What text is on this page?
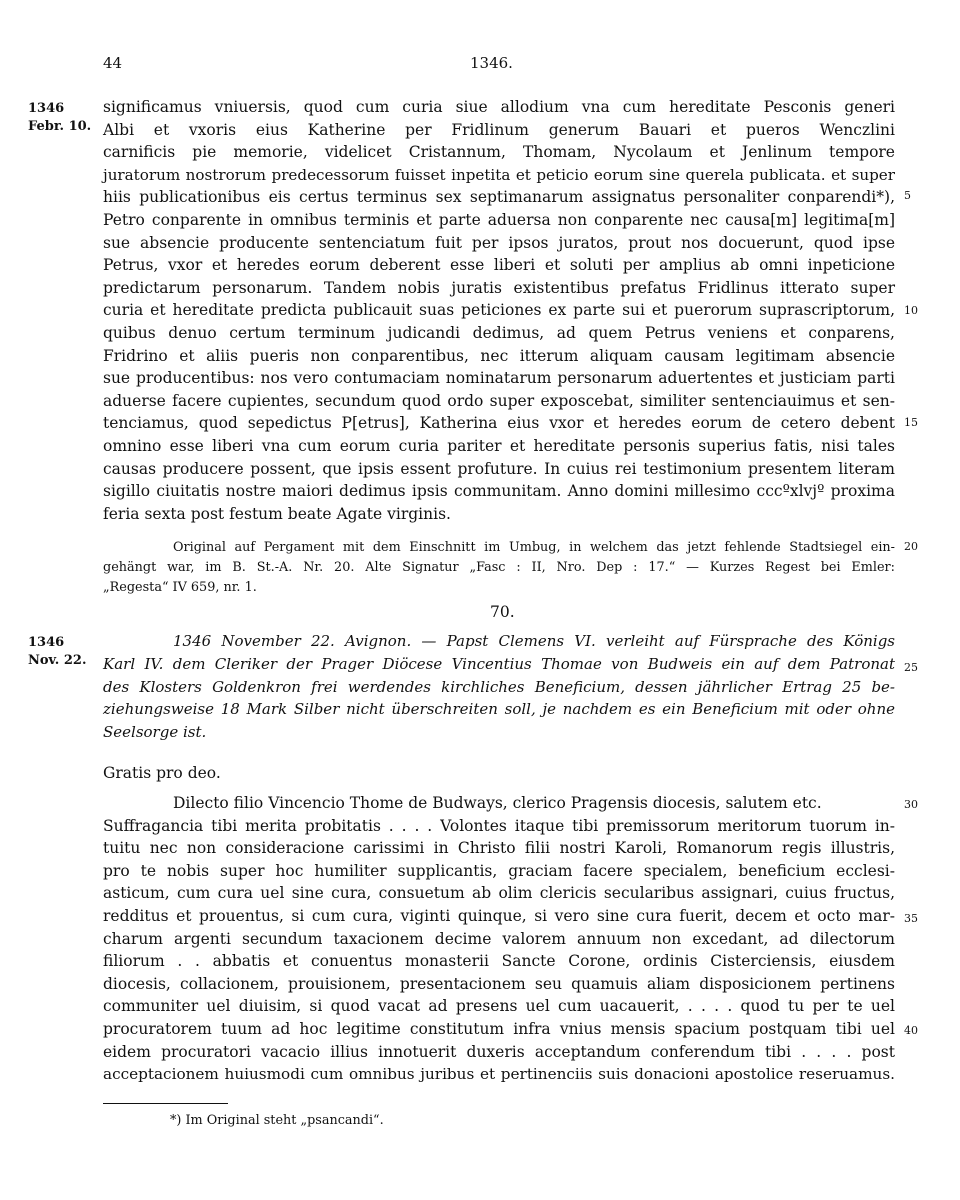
44	1346.
1346
Febr. 10.
1346
Nov. 22.
5
10
15
20
25
30
35
40
significamus vniuersis, quod cum curia siue allodium vna cum hereditate Pesconis generi
Albi et vxoris eius Katherine per Fridlinum generum Bauari et pueros Wenczlini
carnificis pie memorie, videlicet Cristannum, Thomam, Nycolaum et Jenlinum tempore
juratorum nostrorum predecessorum fuisset inpetita et peticio eorum sine querela publicata. et super
hiis publicationibus eis certus terminus sex septimanarum assignatus personaliter conparendi*),
Petro conparente in omnibus terminis et parte aduersa non conparente nec causa[m] legitima[m]
sue absencie producente sentenciatum fuit per ipsos juratos, prout nos docuerunt, quod ipse
Petrus, vxor et heredes eorum deberent esse liberi et soluti per amplius ab omni inpeticione
predictarum personarum. Tandem nobis juratis existentibus prefatus Fridlinus itterato super
curia et hereditate predicta publicauit suas peticiones ex parte sui et puerorum suprascriptorum,
quibus denuo certum terminum judicandi dedimus, ad quem Petrus veniens et conparens,
Fridrino et aliis pueris non conparentibus, nec itterum aliquam causam legitimam absencie
sue producentibus: nos vero contumaciam nominatarum personarum aduertentes et justiciam parti
aduerse facere cupientes, secundum quod ordo super exposcebat, similiter sentenciauimus et sen-
tenciamus, quod sepedictus P[etrus], Katherina eius vxor et heredes eorum de cetero debent
omnino esse liberi vna cum eorum curia pariter et hereditate personis superius fatis, nisi tales
causas producere possent, que ipsis essent profuture. In cuius rei testimonium presentem literam
sigillo ciuitatis nostre maiori dedimus ipsis communitam. Anno domini millesimo cccºxlvjº proxima
feria sexta post festum beate Agate virginis.
Original auf Pergament mit dem Einschnitt im Umbug, in welchem das jetzt fehlende Stadtsiegel ein-
gehängt war, im B. St.-A. Nr. 20. Alte Signatur „Fasc : II, Nro. Dep : 17.“ — Kurzes Regest bei Emler:
„Regesta“ IV 659, nr. 1.
70.
1346 November 22. Avignon. — Papst Clemens VI. verleiht auf Fürsprache des Königs
Karl IV. dem Cleriker der Prager Diöcese Vincentius Thomae von Budweis ein auf dem Patronat
des Klosters Goldenkron frei werdendes kirchliches Beneficium, dessen jährlicher Ertrag 25 be-
ziehungsweise 18 Mark Silber nicht überschreiten soll, je nachdem es ein Beneficium mit oder ohne
Seelsorge ist.
Gratis pro deo.
Dilecto filio Vincencio Thome de Budways, clerico Pragensis diocesis, salutem etc.
Suffragancia tibi merita probitatis . . . . Volontes itaque tibi premissorum meritorum tuorum in-
tuitu nec non consideracione carissimi in Christo filii nostri Karoli, Romanorum regis illustris,
pro te nobis super hoc humiliter supplicantis, graciam facere specialem, beneficium ecclesi-
asticum, cum cura uel sine cura, consuetum ab olim clericis secularibus assignari, cuius fructus,
redditus et prouentus, si cum cura, viginti quinque, si vero sine cura fuerit, decem et octo mar-
charum argenti secundum taxacionem decime valorem annuum non excedant, ad dilectorum
filiorum . . abbatis et conuentus monasterii Sancte Corone, ordinis Cisterciensis, eiusdem
diocesis, collacionem, prouisionem, presentacionem seu quamuis aliam disposicionem pertinens
communiter uel diuisim, si quod vacat ad presens uel cum uacauerit, . . . . quod tu per te uel
procuratorem tuum ad hoc legitime constitutum infra vnius mensis spacium postquam tibi uel
eidem procuratori vacacio illius innotuerit duxeris acceptandum conferendum tibi . . . . post
acceptacionem huiusmodi cum omnibus juribus et pertinenciis suis donacioni apostolice reseruamus.
*) Im Original steht „psancandi“.
